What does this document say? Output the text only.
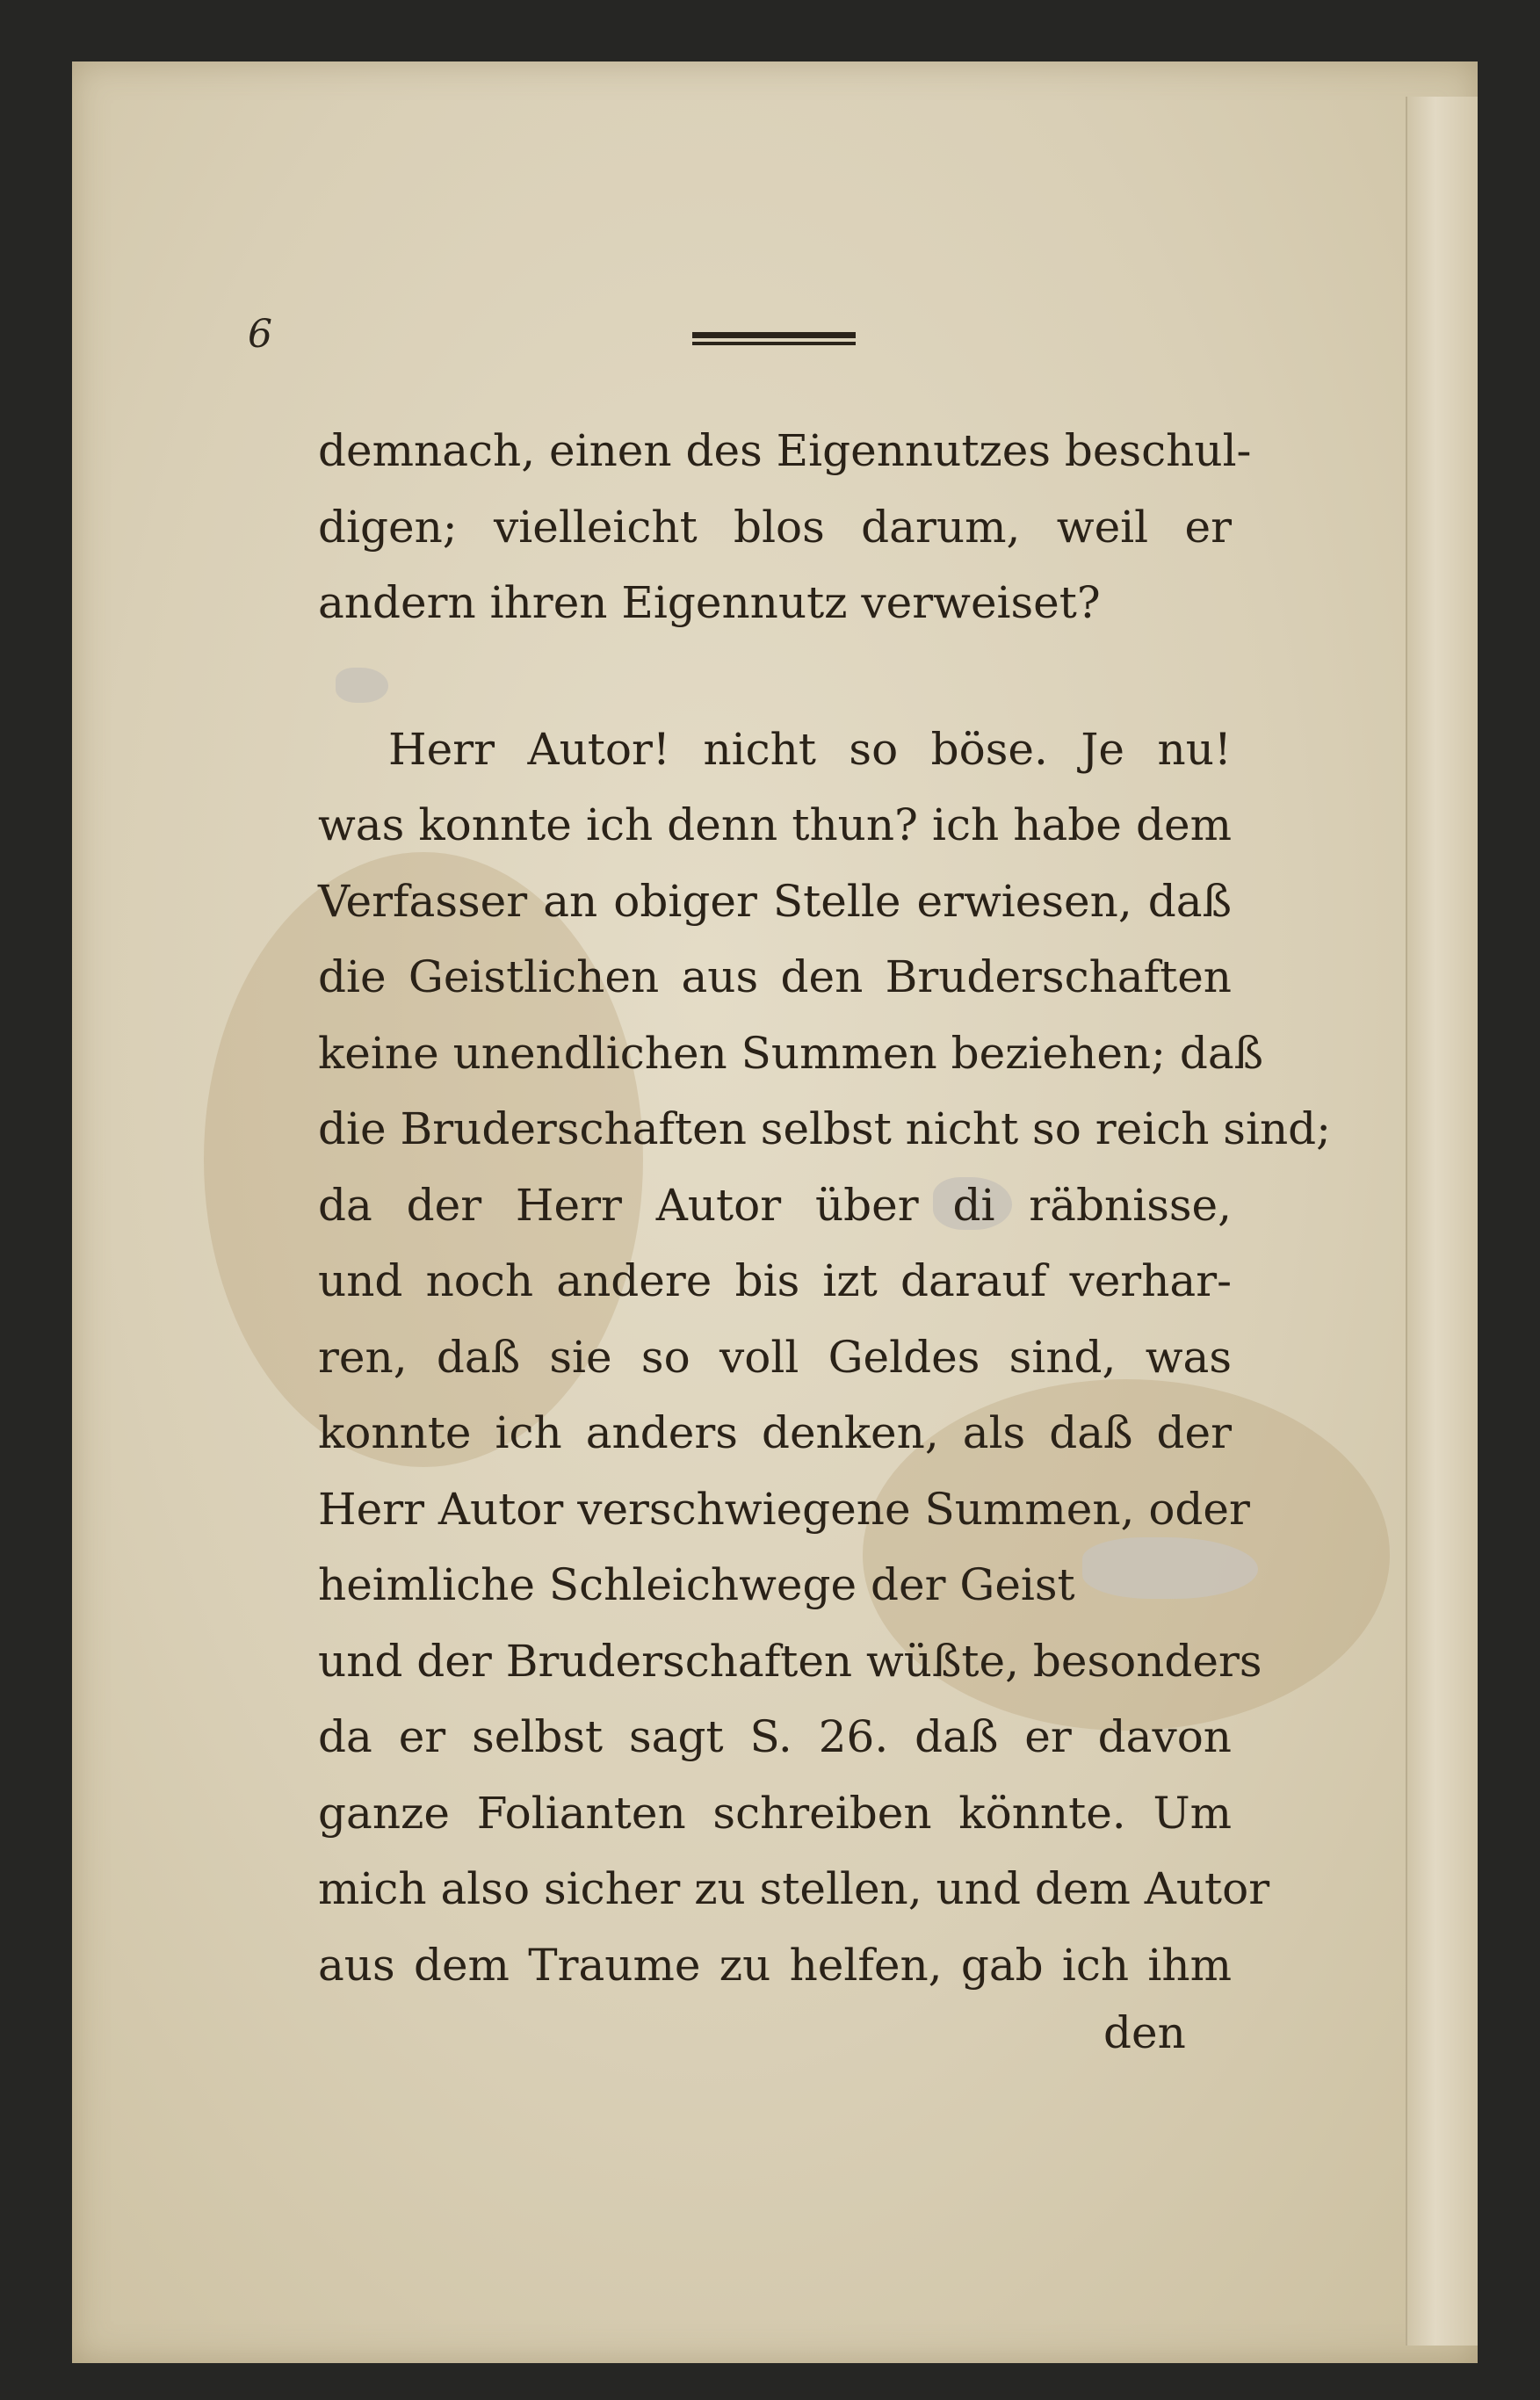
6
demnach, einen des Eigennutzes beschul-
digen; vielleicht blos darum, weil er
andern ihren Eigennutz verweiset?
Herr Autor! nicht so böse. Je nu!
was konnte ich denn thun? ich habe dem
Verfasser an obiger Stelle erwiesen, daß
die Geistlichen aus den Bruderschaften
keine unendlichen Summen beziehen; daß
die Bruderschaften selbst nicht so reich sind;
da der Herr Autor über di räbnisse,
und noch andere bis izt darauf verhar-
ren, daß sie so voll Geldes sind, was
konnte ich anders denken, als daß der
Herr Autor verschwiegene Summen, oder
heimliche Schleichwege der Geist
und der Bruderschaften wüßte, besonders
da er selbst sagt S. 26. daß er davon
ganze Folianten schreiben könnte. Um
mich also sicher zu stellen, und dem Autor
aus dem Traume zu helfen, gab ich ihm
den
